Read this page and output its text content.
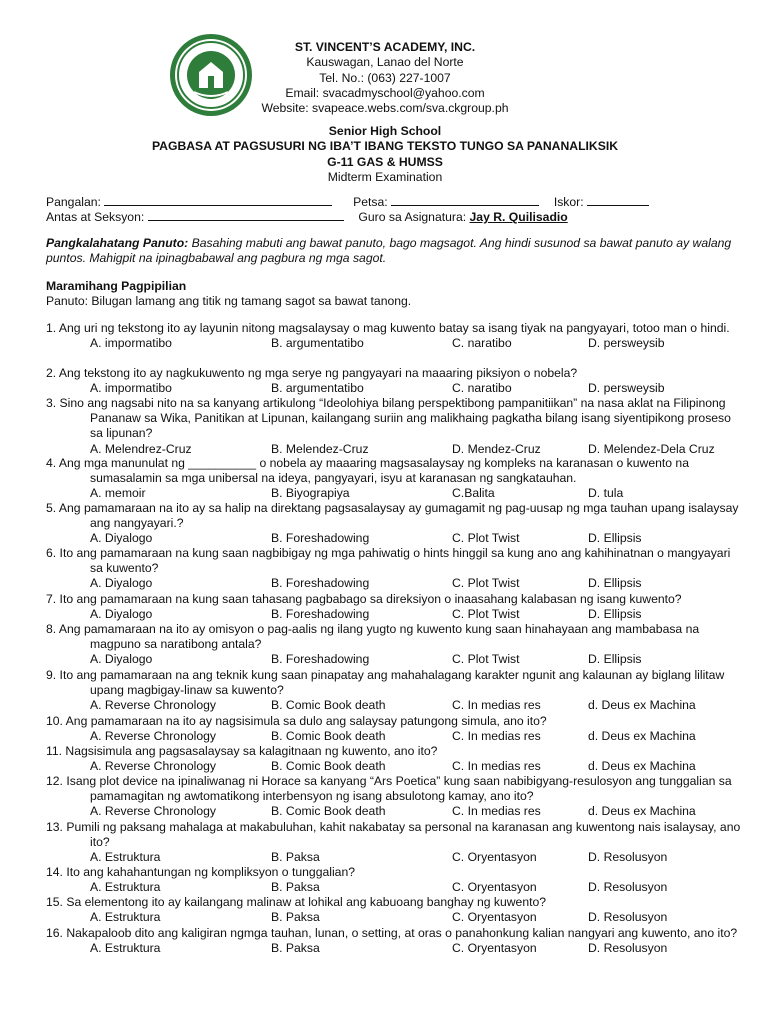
ST. VINCENT’S ACADEMY, INC.
Kauswagan, Lanao del Norte
Tel. No.: (063) 227-1007
Email: svacadmyschool@yahoo.com
Website: svapeace.webs.com/sva.ckgroup.ph
Senior High School
PAGBASA AT PAGSUSURI NG IBA’T IBANG TEKSTO TUNGO SA PANANALIKSIK
G-11 GAS & HUMSS
Midterm Examination
Pangalan:	Petsa:	Iskor:
Antas at Seksyon:	Guro sa Asignatura: Jay R. Quilisadio
Pangkalahatang Panuto: Basahing mabuti ang bawat panuto, bago magsagot. Ang hindi susunod sa bawat panuto ay walang puntos. Mahigpit na ipinagbabawal ang pagbura ng mga sagot.
Maramihang Pagpipilian
Panuto: Bilugan lamang ang titik ng tamang sagot sa bawat tanong.
1. Ang uri ng tekstong ito ay layunin nitong magsalaysay o mag kuwento batay sa isang tiyak na pangyayari, totoo man o hindi.
A. impormatibo	B. argumentatibo	C. naratibo	D. persweysib
2. Ang tekstong ito ay nagkukuwento ng mga serye ng pangyayari na maaaring piksiyon o nobela?
A. impormatibo	B. argumentatibo	C. naratibo	D. persweysib
3. Sino ang nagsabi nito na sa kanyang artikulong “Ideolohiya bilang perspektibong pampanitiikan” na nasa aklat na Filipinong Pananaw sa Wika, Panitikan at Lipunan, kailangang suriin ang malikhaing pagkatha bilang isang siyentipikong proseso sa lipunan?
A. Melendrez-Cruz	B. Melendez-Cruz	D. Mendez-Cruz	D. Melendez-Dela Cruz
4. Ang mga manunulat ng __________ o nobela ay maaaring magsasalaysay ng kompleks na karanasan o kuwento na sumasalamin sa mga unibersal na ideya, pangyayari, isyu at karanasan ng sangkatauhan.
A. memoir	B. Biyograpiya	C.Balita	D. tula
5. Ang pamamaraan na ito ay sa halip na direktang pagsasalaysay ay gumagamit ng pag-uusap ng mga tauhan upang isalaysay ang nangyayari.?
A. Diyalogo	B. Foreshadowing	C. Plot Twist	D. Ellipsis
6. Ito ang pamamaraan na kung saan nagbibigay ng mga pahiwatig o hints hinggil sa kung ano ang kahihinatnan o mangyayari sa kuwento?
A. Diyalogo	B. Foreshadowing	C. Plot Twist	D. Ellipsis
7. Ito ang pamamaraan na kung saan tahasang pagbabago sa direksiyon o inaasahang kalabasan ng isang kuwento?
A. Diyalogo	B. Foreshadowing	C. Plot Twist	D. Ellipsis
8. Ang pamamaraan na ito ay omisyon o pag-aalis ng ilang yugto ng kuwento kung saan hinahayaan ang mambabasa na magpuno sa naratibong antala?
A. Diyalogo	B. Foreshadowing	C. Plot Twist	D. Ellipsis
9. Ito ang pamamaraan na ang teknik kung saan pinapatay ang mahahalagang karakter ngunit ang kalaunan ay biglang lilitaw upang magbigay-linaw sa kuwento?
A. Reverse Chronology	B. Comic Book death	C. In medias res	d. Deus ex Machina
10. Ang pamamaraan na ito ay nagsisimula sa dulo ang salaysay patungong simula, ano ito?
A. Reverse Chronology	B. Comic Book death	C. In medias res	d. Deus ex Machina
11. Nagsisimula ang pagsasalaysay sa kalagitnaan ng kuwento, ano ito?
A. Reverse Chronology	B. Comic Book death	C. In medias res	d. Deus ex Machina
12. Isang plot device na ipinaliwanag ni Horace sa kanyang “Ars Poetica” kung saan nabibigyang-resulosyon ang tunggalian sa pamamagitan ng awtomatikong interbensyon ng isang absulotong kamay, ano ito?
A. Reverse Chronology	B. Comic Book death	C. In medias res	d. Deus ex Machina
13. Pumili ng paksang mahalaga at makabuluhan, kahit nakabatay sa personal na karanasan ang kuwentong nais isalaysay, ano ito?
A. Estruktura	B. Paksa	C. Oryentasyon	D. Resolusyon
14. Ito ang kahahantungan ng kompliksyon o tunggalian?
A. Estruktura	B. Paksa	C. Oryentasyon	D. Resolusyon
15. Sa elementong ito ay kailangang malinaw at lohikal ang kabuoang banghay ng kuwento?
A. Estruktura	B. Paksa	C. Oryentasyon	D. Resolusyon
16. Nakapaloob dito ang kaligiran ngmga tauhan, lunan, o setting, at oras o panahonkung kalian nangyari ang kuwento, ano ito?
A. Estruktura	B. Paksa	C. Oryentasyon	D. Resolusyon
